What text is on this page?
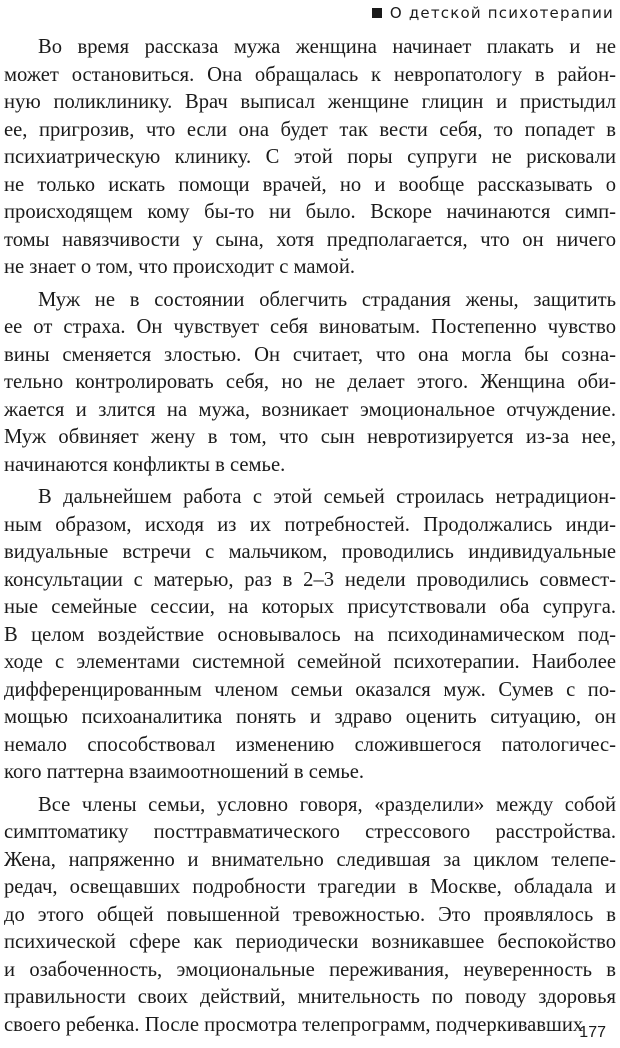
О детской психотерапии

Во время рассказа мужа женщина начинает плакать и не
может остановиться. Она обращалась к невропатологу в район-
ную поликлинику. Врач выписал женщине глицин и пристыдил
ее, пригрозив, что если она будет так вести себя, то попадет в
психиатрическую клинику. С этой поры супруги не рисковали
не только искать помощи врачей, но и вообще рассказывать о
происходящем кому бы-то ни было. Вскоре начинаются симп-
томы навязчивости у сына, хотя предполагается, что он ничего
не знает о том, что происходит с мамой.

Муж не в состоянии облегчить страдания жены, защитить
ее от страха. Он чувствует себя виноватым. Постепенно чувство
вины сменяется злостью. Он считает, что она могла бы созна-
тельно контролировать себя, но не делает этого. Женщина оби-
жается и злится на мужа, возникает эмоциональное отчуждение.
Муж обвиняет жену в том, что сын невротизируется из-за нее,
начинаются конфликты в семье.

В дальнейшем работа с этой семьей строилась нетрадицион-
ным образом, исходя из их потребностей. Продолжались инди-
видуальные встречи с мальчиком, проводились индивидуальные
консультации с матерью, раз в 2–3 недели проводились совмест-
ные семейные сессии, на которых присутствовали оба супруга.
В целом воздействие основывалось на психодинамическом под-
ходе с элементами системной семейной психотерапии. Наиболее
дифференцированным членом семьи оказался муж. Сумев с по-
мощью психоаналитика понять и здраво оценить ситуацию, он
немало способствовал изменению сложившегося патологичес-
кого паттерна взаимоотношений в семье.

Все члены семьи, условно говоря, «разделили» между собой
симптоматику посттравматического стрессового расстройства.
Жена, напряженно и внимательно следившая за циклом телепе-
редач, освещавших подробности трагедии в Москве, обладала и
до этого общей повышенной тревожностью. Это проявлялось в
психической сфере как периодически возникавшее беспокойство
и озабоченность, эмоциональные переживания, неуверенность в
правильности своих действий, мнительность по поводу здоровья
своего ребенка. После просмотра телепрограмм, подчеркивавших

177
